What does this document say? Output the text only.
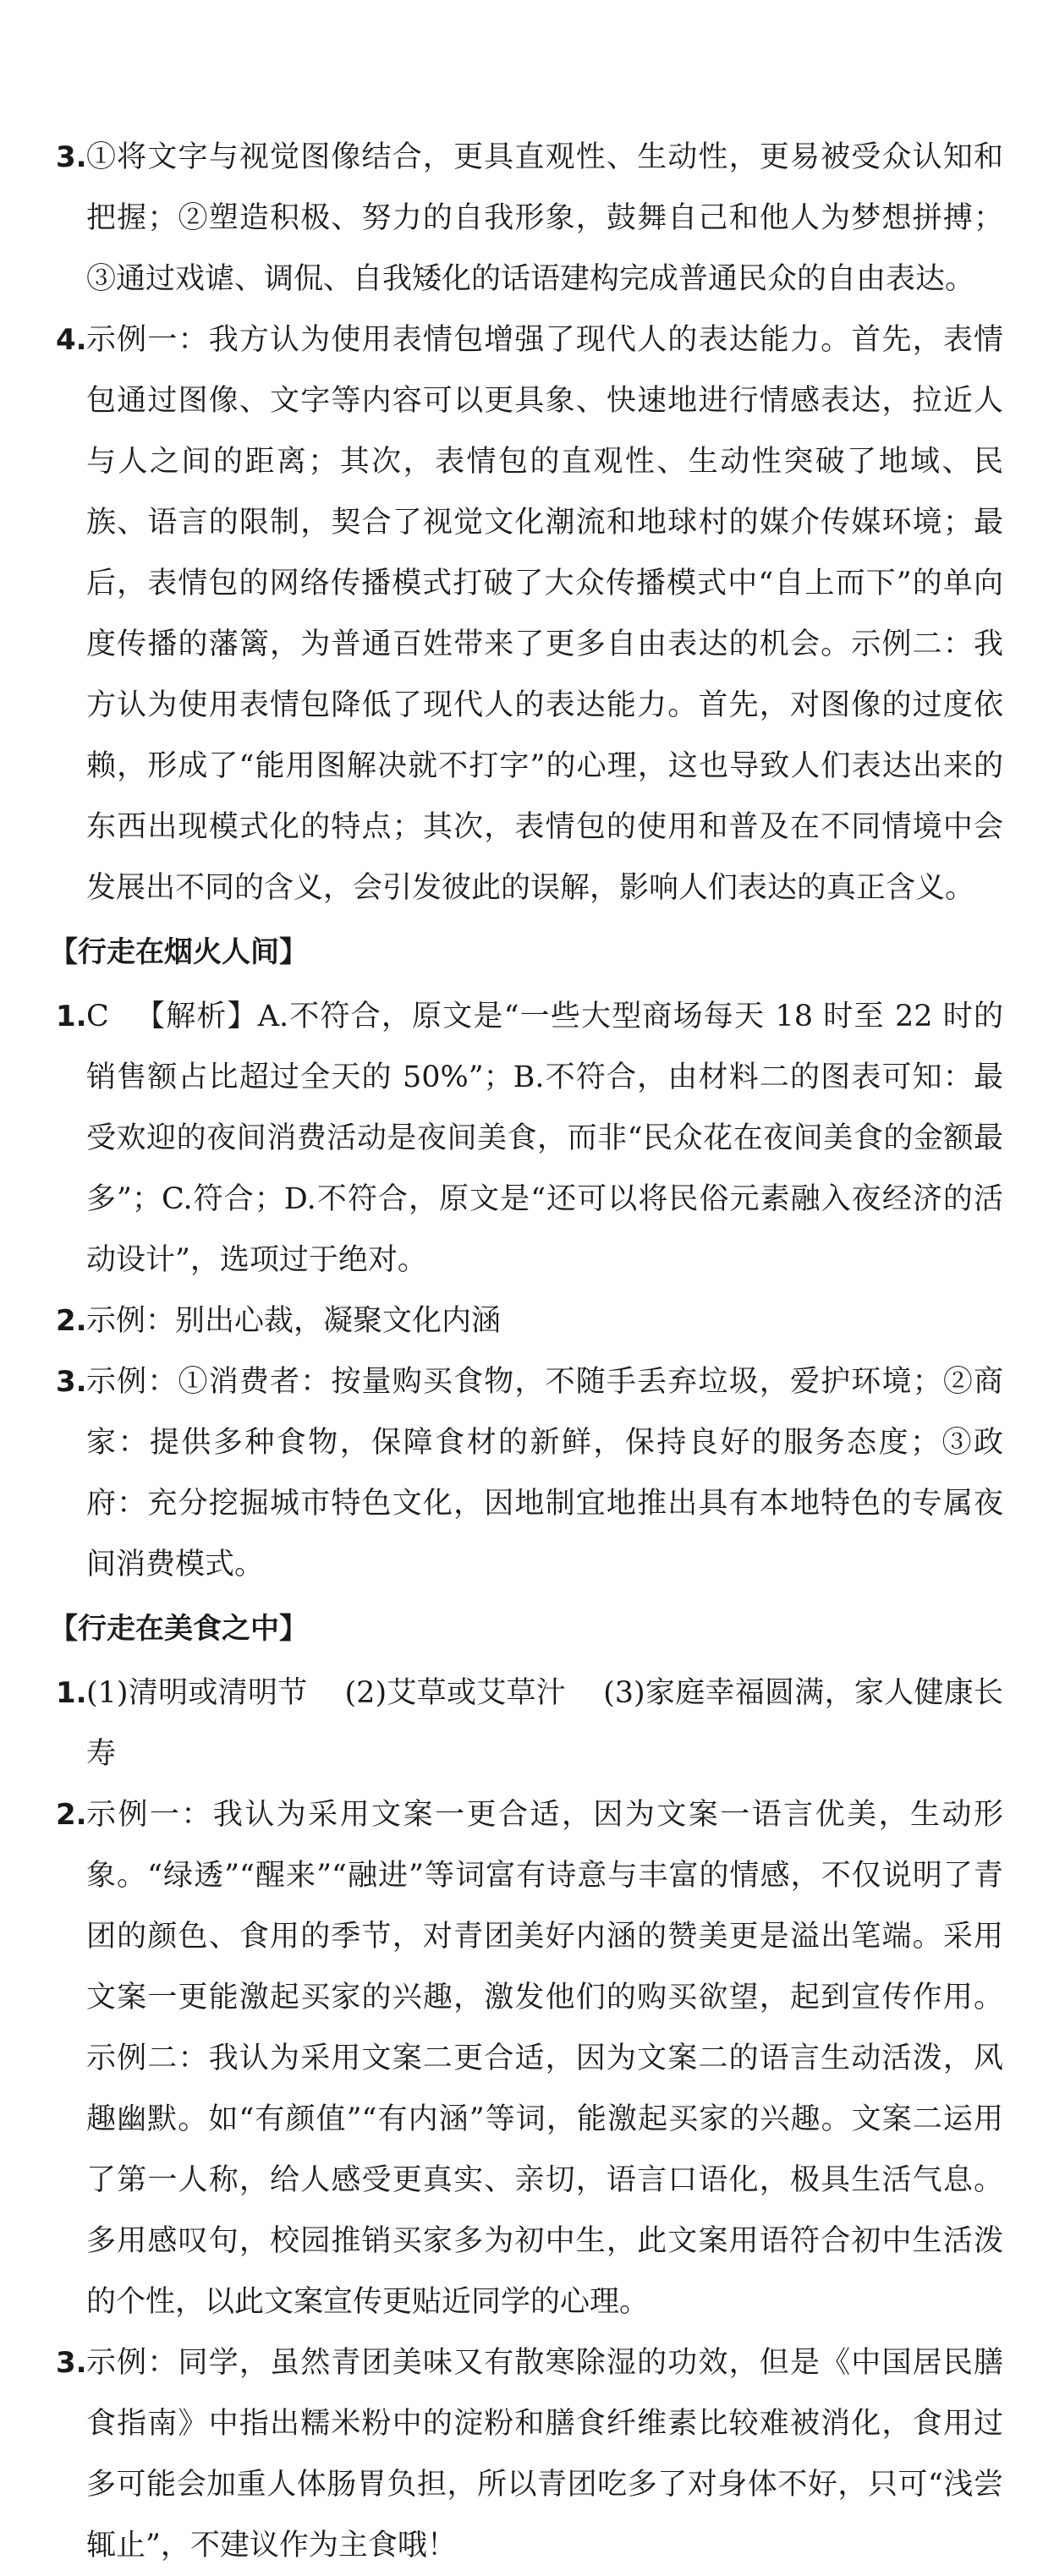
3. ①将文字与视觉图像结合，更具直观性、生动性，更易被受众认知和把握；②塑造积极、努力的自我形象，鼓舞自己和他人为梦想拼搏；③通过戏谑、调侃、自我矮化的话语建构完成普通民众的自由表达。

4. 示例一：我方认为使用表情包增强了现代人的表达能力。首先，表情包通过图像、文字等内容可以更具象、快速地进行情感表达，拉近人与人之间的距离；其次，表情包的直观性、生动性突破了地域、民族、语言的限制，契合了视觉文化潮流和地球村的媒介传媒环境；最后，表情包的网络传播模式打破了大众传播模式中“自上而下”的单向度传播的藩篱，为普通百姓带来了更多自由表达的机会。示例二：我方认为使用表情包降低了现代人的表达能力。首先，对图像的过度依赖，形成了“能用图解决就不打字”的心理，这也导致人们表达出来的东西出现模式化的特点；其次，表情包的使用和普及在不同情境中会发展出不同的含义，会引发彼此的误解，影响人们表达的真正含义。

【行走在烟火人间】

1. C 【解析】A.不符合，原文是“一些大型商场每天 18 时至 22 时的销售额占比超过全天的 50%”；B.不符合，由材料二的图表可知：最受欢迎的夜间消费活动是夜间美食，而非“民众花在夜间美食的金额最多”；C.符合；D.不符合，原文是“还可以将民俗元素融入夜经济的活动设计”，选项过于绝对。

2. 示例：别出心裁，凝聚文化内涵

3. 示例：①消费者：按量购买食物，不随手丢弃垃圾，爱护环境；②商家：提供多种食物，保障食材的新鲜，保持良好的服务态度；③政府：充分挖掘城市特色文化，因地制宜地推出具有本地特色的专属夜间消费模式。

【行走在美食之中】

1. (1)清明或清明节 (2)艾草或艾草汁 (3)家庭幸福圆满，家人健康长寿

2. 示例一：我认为采用文案一更合适，因为文案一语言优美，生动形象。“绿透”“醒来”“融进”等词富有诗意与丰富的情感，不仅说明了青团的颜色、食用的季节，对青团美好内涵的赞美更是溢出笔端。采用文案一更能激起买家的兴趣，激发他们的购买欲望，起到宣传作用。示例二：我认为采用文案二更合适，因为文案二的语言生动活泼，风趣幽默。如“有颜值”“有内涵”等词，能激起买家的兴趣。文案二运用了第一人称，给人感受更真实、亲切，语言口语化，极具生活气息。多用感叹句，校园推销买家多为初中生，此文案用语符合初中生活泼的个性，以此文案宣传更贴近同学的心理。

3. 示例：同学，虽然青团美味又有散寒除湿的功效，但是《中国居民膳食指南》中指出糯米粉中的淀粉和膳食纤维素比较难被消化，食用过多可能会加重人体肠胃负担，所以青团吃多了对身体不好，只可“浅尝辄止”，不建议作为主食哦！
